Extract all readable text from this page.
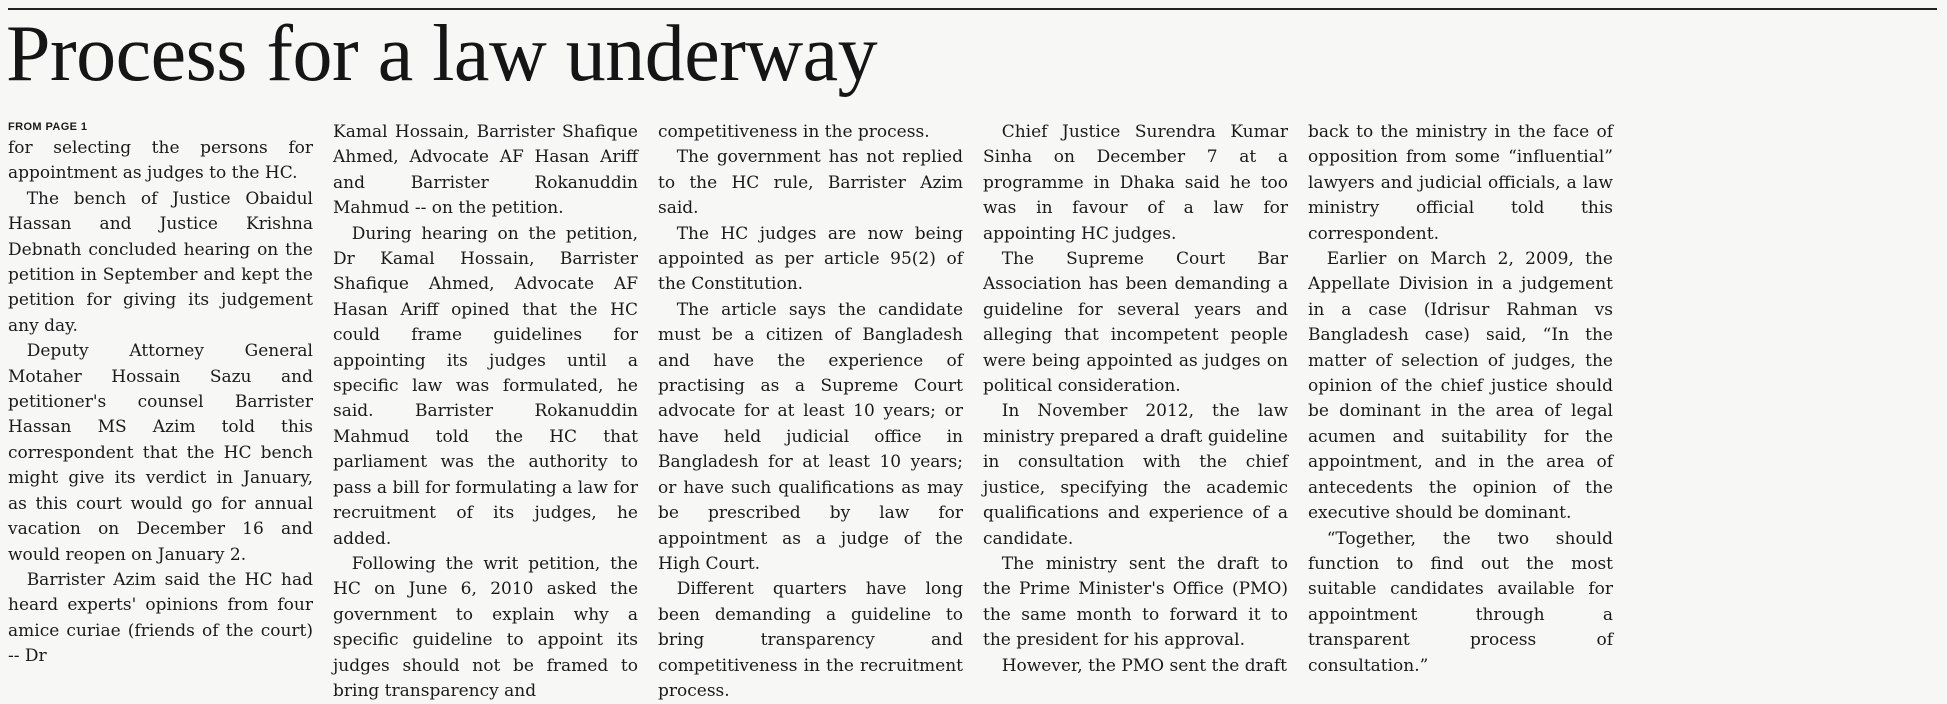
Process for a law underway
FROM PAGE 1

for selecting the persons for appointment as judges to the HC.

The bench of Justice Obaidul Hassan and Justice Krishna Debnath concluded hearing on the petition in September and kept the petition for giving its judgement any day.

Deputy Attorney General Motaher Hossain Sazu and petitioner's counsel Barrister Hassan MS Azim told this correspondent that the HC bench might give its verdict in January, as this court would go for annual vacation on December 16 and would reopen on January 2.

Barrister Azim said the HC had heard experts' opinions from four amice curiae (friends of the court) -- Dr

Kamal Hossain, Barrister Shafique Ahmed, Advocate AF Hasan Ariff and Barrister Rokanuddin Mahmud -- on the petition.

During hearing on the petition, Dr Kamal Hossain, Barrister Shafique Ahmed, Advocate AF Hasan Ariff opined that the HC could frame guidelines for appointing its judges until a specific law was formulated, he said. Barrister Rokanuddin Mahmud told the HC that parliament was the authority to pass a bill for formulating a law for recruitment of its judges, he added.

Following the writ petition, the HC on June 6, 2010 asked the government to explain why a specific guideline to appoint its judges should not be framed to bring transparency and

competitiveness in the process.

The government has not replied to the HC rule, Barrister Azim said.

The HC judges are now being appointed as per article 95(2) of the Constitution.

The article says the candidate must be a citizen of Bangladesh and have the experience of practising as a Supreme Court advocate for at least 10 years; or have held judicial office in Bangladesh for at least 10 years; or have such qualifications as may be prescribed by law for appointment as a judge of the High Court.

Different quarters have long been demanding a guideline to bring transparency and competitiveness in the recruitment process.

Chief Justice Surendra Kumar Sinha on December 7 at a programme in Dhaka said he too was in favour of a law for appointing HC judges.

The Supreme Court Bar Association has been demanding a guideline for several years and alleging that incompetent people were being appointed as judges on political consideration.

In November 2012, the law ministry prepared a draft guideline in consultation with the chief justice, specifying the academic qualifications and experience of a candidate.

The ministry sent the draft to the Prime Minister's Office (PMO) the same month to forward it to the president for his approval.

However, the PMO sent the draft

back to the ministry in the face of opposition from some “influential” lawyers and judicial officials, a law ministry official told this correspondent.

Earlier on March 2, 2009, the Appellate Division in a judgement in a case (Idrisur Rahman vs Bangladesh case) said, “In the matter of selection of judges, the opinion of the chief justice should be dominant in the area of legal acumen and suitability for the appointment, and in the area of antecedents the opinion of the executive should be dominant.

“Together, the two should function to find out the most suitable candidates available for appointment through a transparent process of consultation.”
